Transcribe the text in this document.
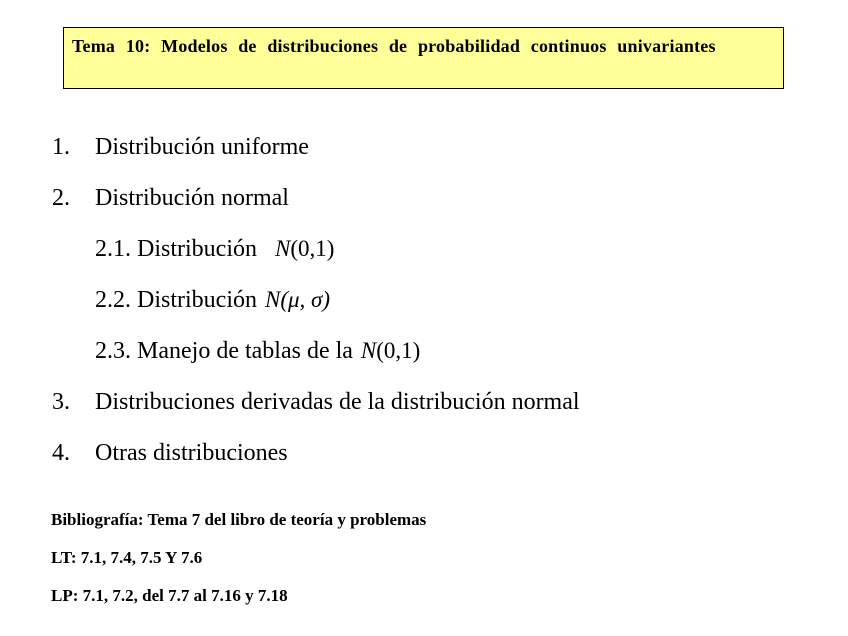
Tema 10: Modelos de distribuciones de probabilidad continuos univariantes
1. Distribución uniforme
2. Distribución normal
2.1. Distribución N(0,1)
2.2. Distribución N(μ, σ)
2.3. Manejo de tablas de la N(0,1)
3. Distribuciones derivadas de la distribución normal
4. Otras distribuciones
Bibliografía: Tema 7 del libro de teoría y problemas
LT: 7.1, 7.4, 7.5 Y 7.6
LP: 7.1, 7.2, del 7.7 al 7.16 y 7.18
